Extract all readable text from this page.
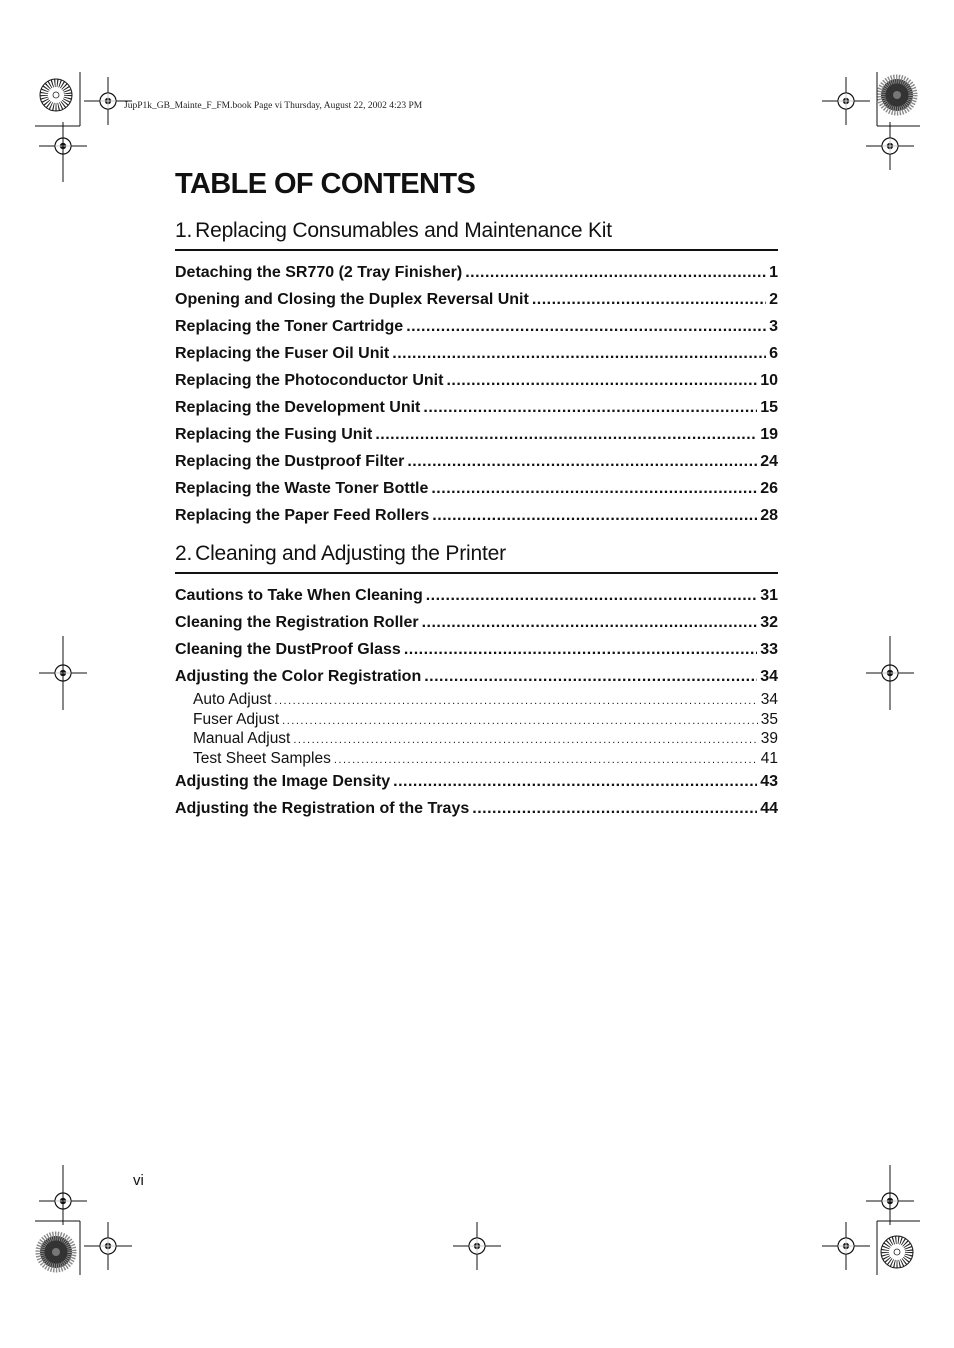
JupP1k_GB_Mainte_F_FM.book Page vi Thursday, August 22, 2002 4:23 PM
TABLE OF CONTENTS
1. Replacing Consumables and Maintenance Kit
Detaching the SR770 (2 Tray Finisher) .....	1
Opening and Closing the Duplex Reversal Unit .....	2
Replacing the Toner Cartridge .....	3
Replacing the Fuser Oil Unit .....	6
Replacing the Photoconductor Unit .....	10
Replacing the Development Unit .....	15
Replacing the Fusing Unit .....	19
Replacing the Dustproof Filter .....	24
Replacing the Waste Toner Bottle .....	26
Replacing the Paper Feed Rollers .....	28
2. Cleaning and Adjusting the Printer
Cautions to Take When Cleaning .....	31
Cleaning the Registration Roller .....	32
Cleaning the DustProof Glass .....	33
Adjusting the Color Registration .....	34
Auto Adjust .....	34
Fuser Adjust .....	35
Manual Adjust .....	39
Test Sheet Samples .....	41
Adjusting the Image Density .....	43
Adjusting the Registration of the Trays .....	44
vi
